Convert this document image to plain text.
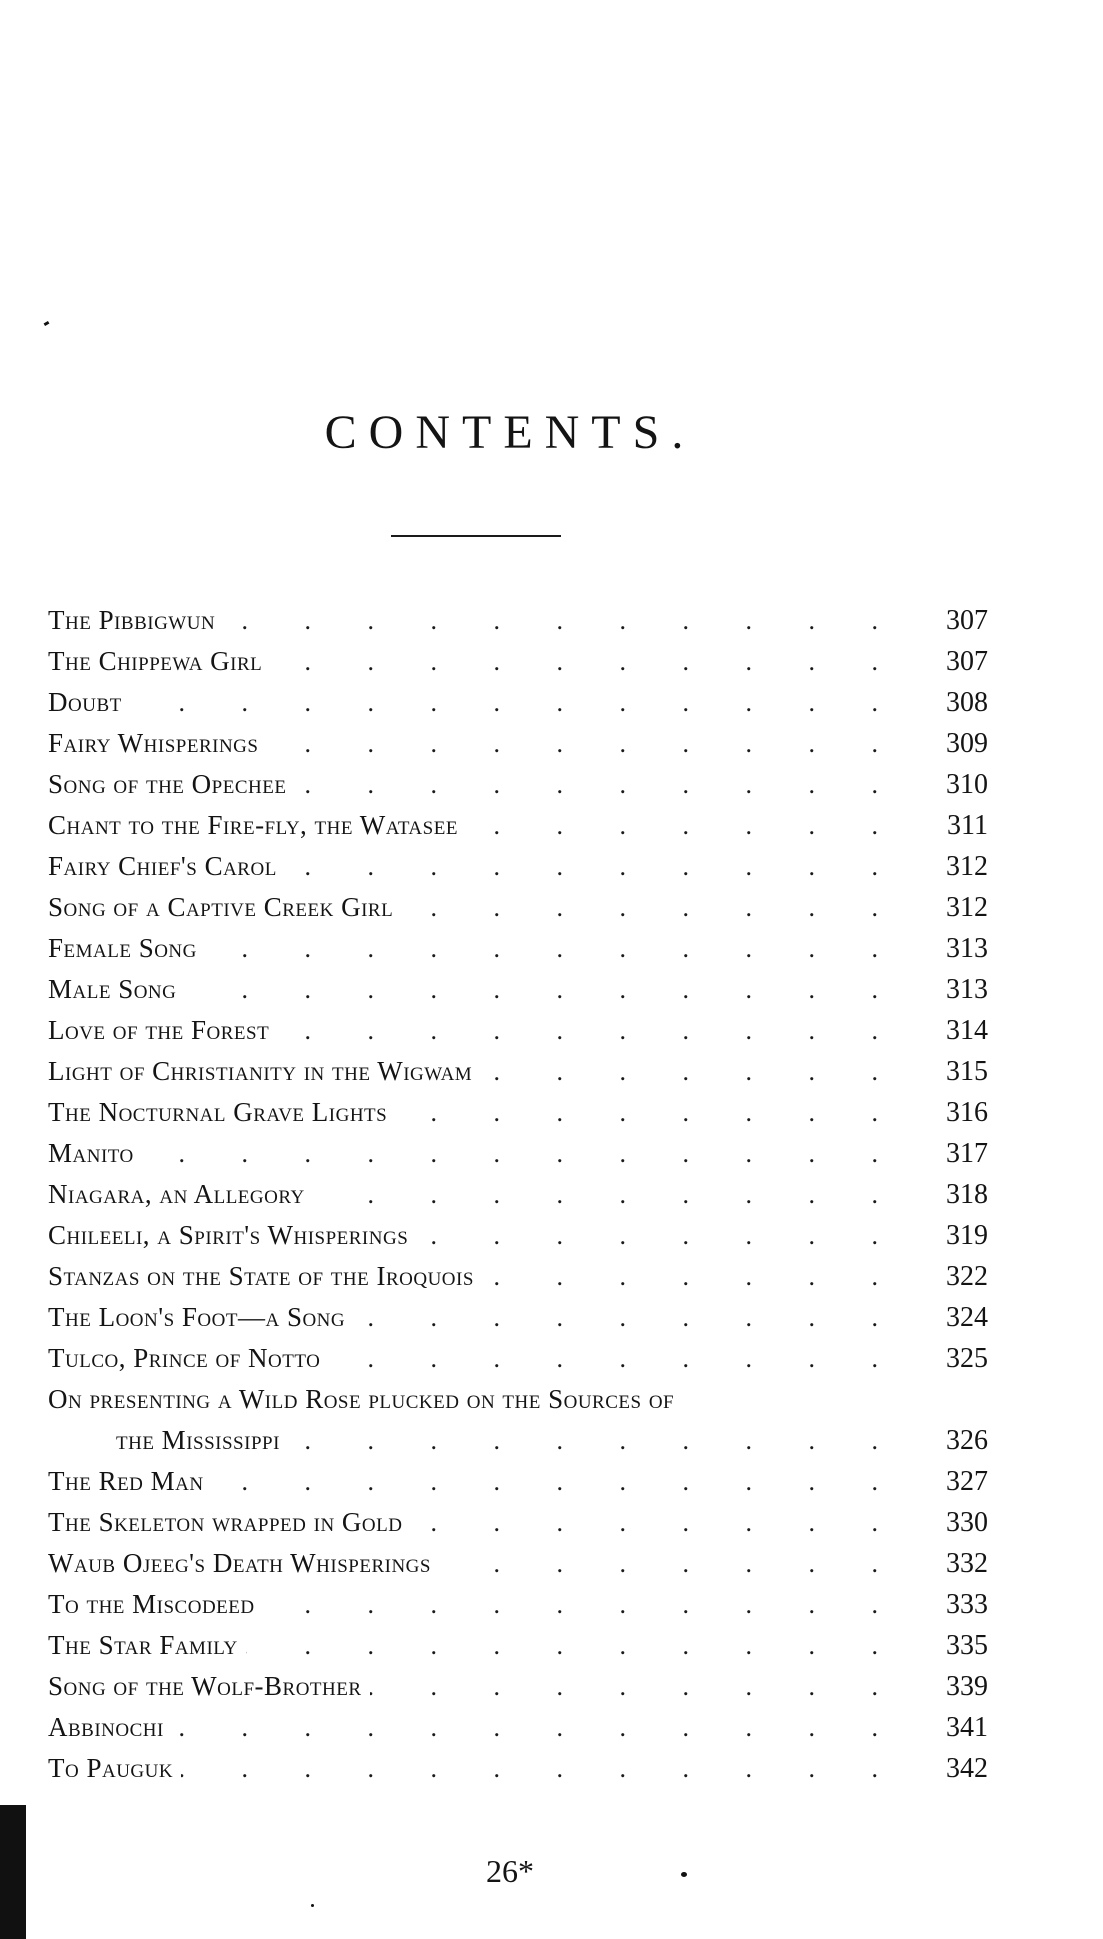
CONTENTS.
The Pibbigwun . . .	307
The Chippewa Girl . . .	307
Doubt . . .	308
Fairy Whisperings . . .	309
Song of the Opechee . . .	310
Chant to the Fire-fly, the Watasee . . .	311
Fairy Chief's Carol . . .	312
Song of a Captive Creek Girl . . .	312
Female Song . . .	313
Male Song . . .	313
Love of the Forest . . .	314
Light of Christianity in the Wigwam . . .	315
The Nocturnal Grave Lights . . .	316
Manito . . .	317
Niagara, an Allegory . . .	318
Chileeli, a Spirit's Whisperings . . .	319
Stanzas on the State of the Iroquois . . .	322
The Loon's Foot—a Song . . .	324
Tulco, Prince of Notto . . .	325
On presenting a Wild Rose plucked on the Sources of
the Mississippi . . .	326
The Red Man . . .	327
The Skeleton wrapped in Gold . . .	330
Waub Ojeeg's Death Whisperings . . .	332
To the Miscodeed . . .	333
The Star Family . . .	335
Song of the Wolf-Brother . . .	339
Abbinochi . . .	341
To Pauguk . . .	342
26*
